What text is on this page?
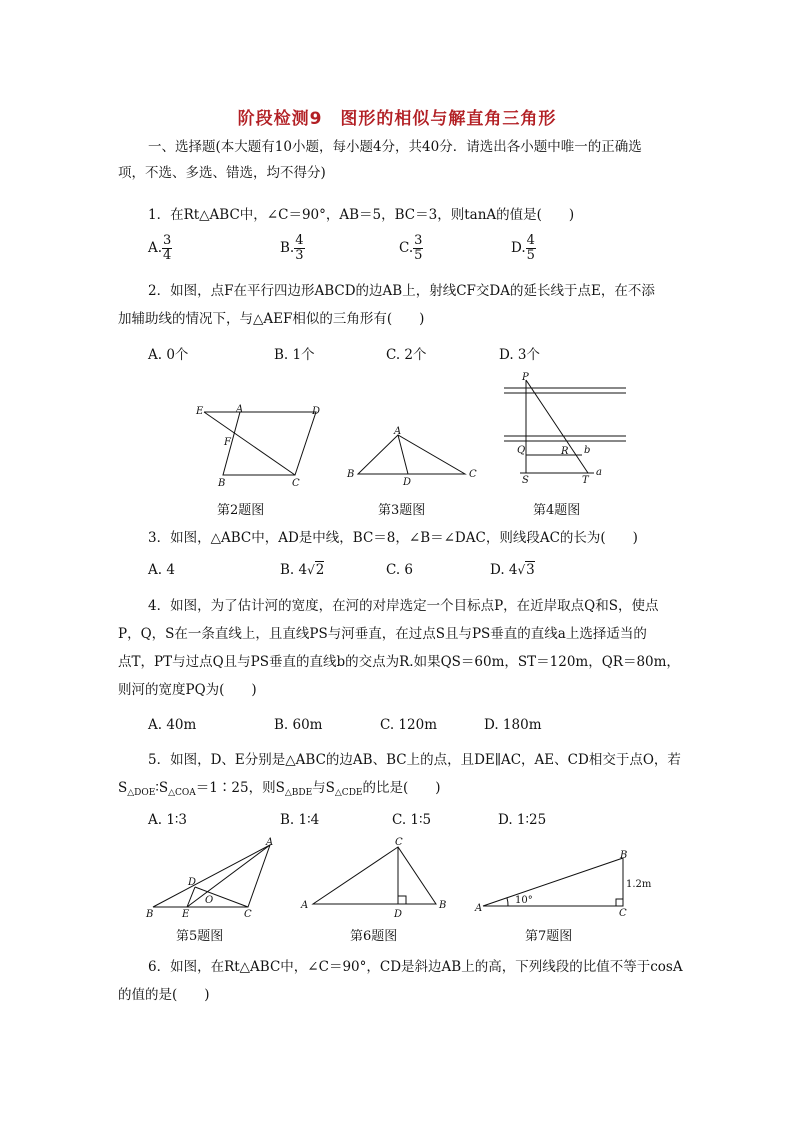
阶段检测9　图形的相似与解直角三角形
一、选择题(本大题有10小题，每小题4分，共40分．请选出各小题中唯一的正确选
项，不选、多选、错选，均不得分)
1．在Rt△ABC中，∠C＝90°，AB＝5，BC＝3，则tanA的值是(　　)
A. $\frac{3}{4}$	B. $\frac{4}{3}$	C. $\frac{3}{5}$	D. $\frac{4}{5}$
2．如图，点F在平行四边形ABCD的边AB上，射线CF交DA的延长线于点E，在不添
加辅助线的情况下，与△AEF相似的三角形有(　　)
A. 0个	B. 1个	C. 2个	D. 3个
E	A	D
F
B	C
第2题图
A
B
D
C
第3题图
P
Q	R b
S	T
a
第4题图
3．如图，△ABC中，AD是中线，BC＝8，∠B＝∠DAC，则线段AC的长为(　　)
A. 4	B. 4√2	C. 6	D. 4√3
4．如图，为了估计河的宽度，在河的对岸选定一个目标点P，在近岸取点Q和S，使点
P，Q，S在一条直线上，且直线PS与河垂直，在过点S且与PS垂直的直线a上选择适当的
点T，PT与过点Q且与PS垂直的直线b的交点为R.如果QS＝60m，ST＝120m，QR＝80m，
则河的宽度PQ为(　　)
A. 40m	B. 60m	C. 120m	D. 180m
5．如图，D、E分别是△ABC的边AB、BC上的点，且DE∥AC，AE、CD相交于点O，若
$S_{\triangle DOE}∶S_{\triangle COA}=1∶25$，则$S_{\triangle BDE}$与$S_{\triangle CDE}$的比是(　　)
A. 1∶3	B. 1∶4	C. 1∶5	D. 1∶25
A
D
O
B	E	C
第5题图
C
A
D
B
第6题图
B
1.2m
A
10°
C
第7题图
6．如图，在Rt△ABC中，∠C＝90°，CD是斜边AB上的高，下列线段的比值不等于cosA
的值的是(　　)
